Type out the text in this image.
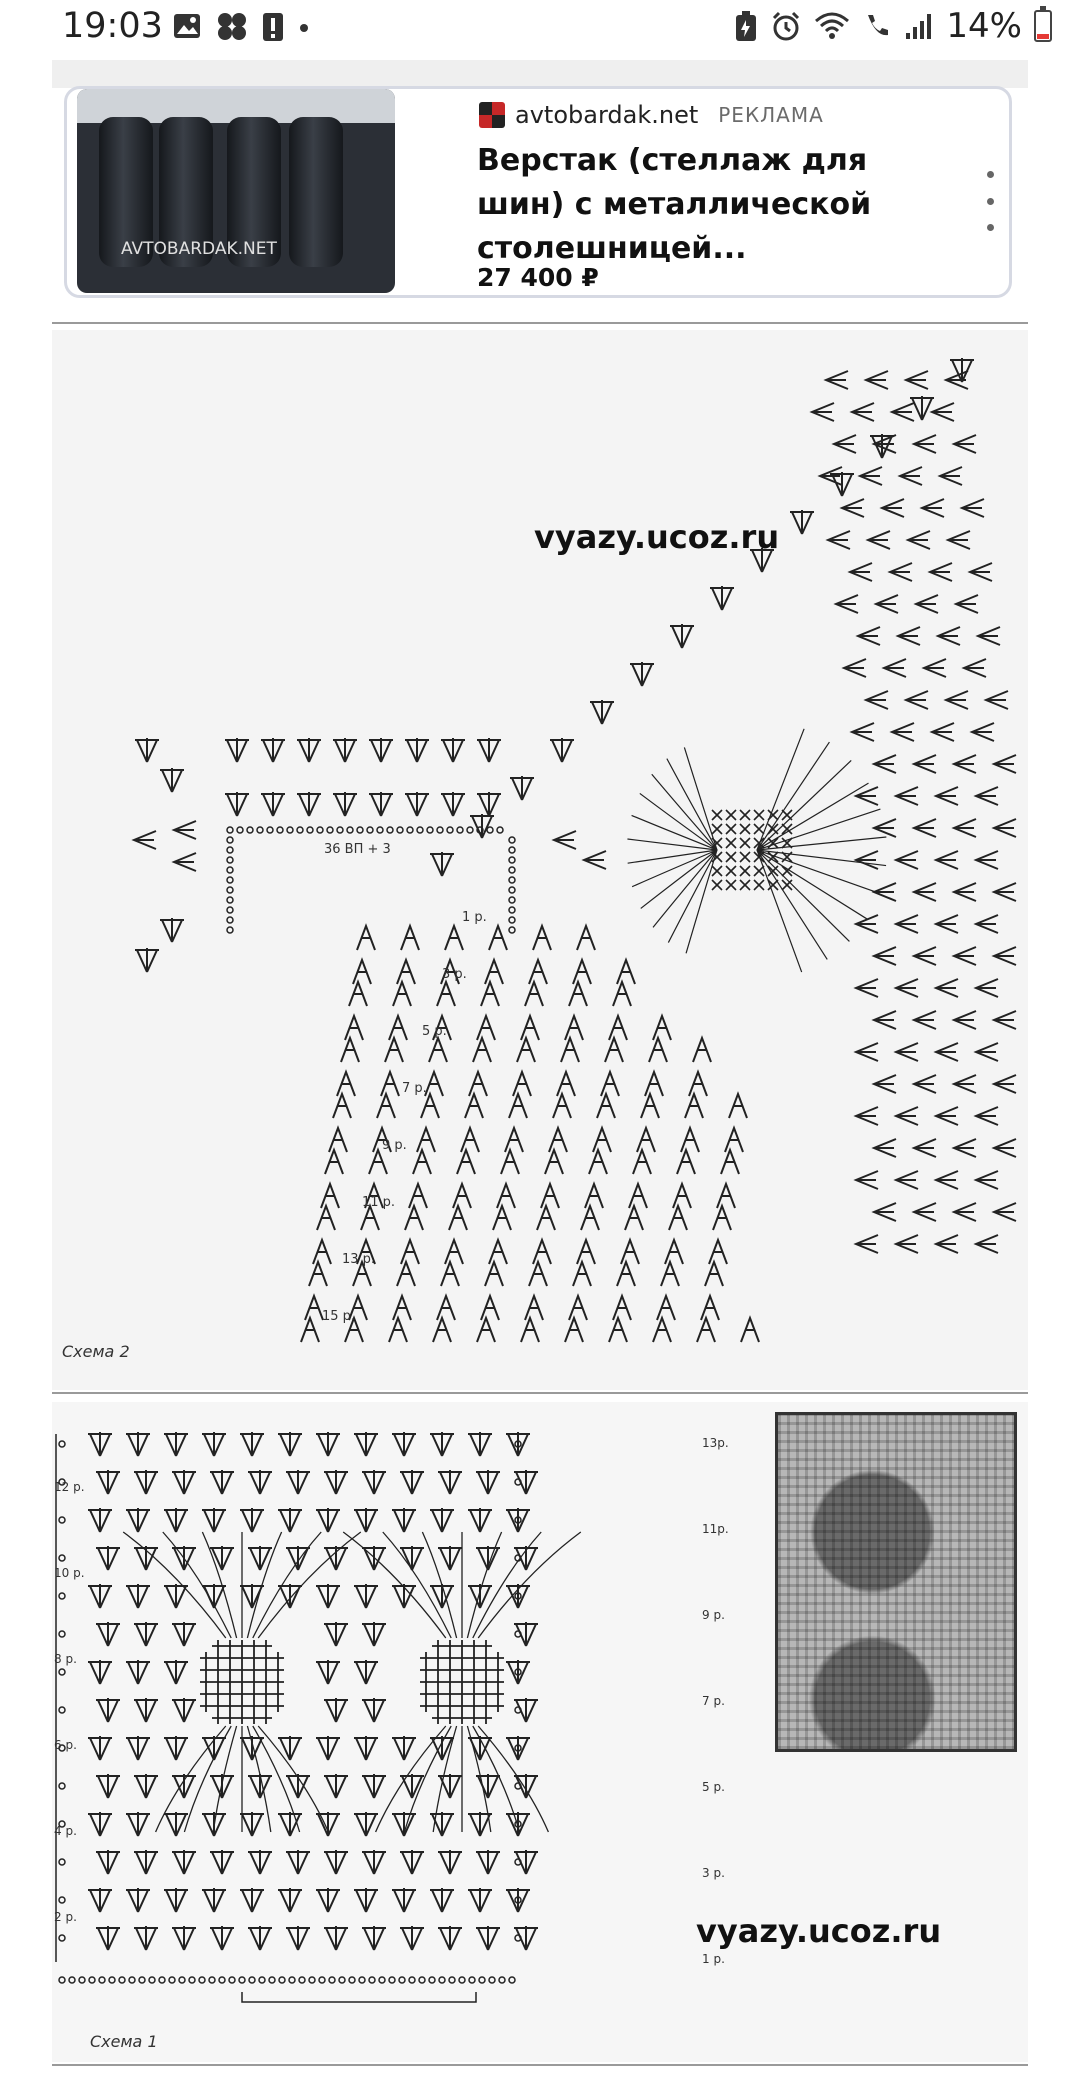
19:03	14%
AVTOBARDAK.NET
avtobardak.net РЕКЛАМА
Верстак (стеллаж для шин) с металлической столешницей...
27 400 ₽
vyazy.ucoz.ru
Схема 2
36 ВП + 3
1 р.
3 р.
5 р.
7 р.
9 р.
11 р.
13 р.
15 р.
vyazy.ucoz.ru
Схема 1
12 р.
10 р.
8 р.
6 р.
4 р.
2 р.
13р.
11р.
9 р.
7 р.
5 р.
3 р.
1 р.
